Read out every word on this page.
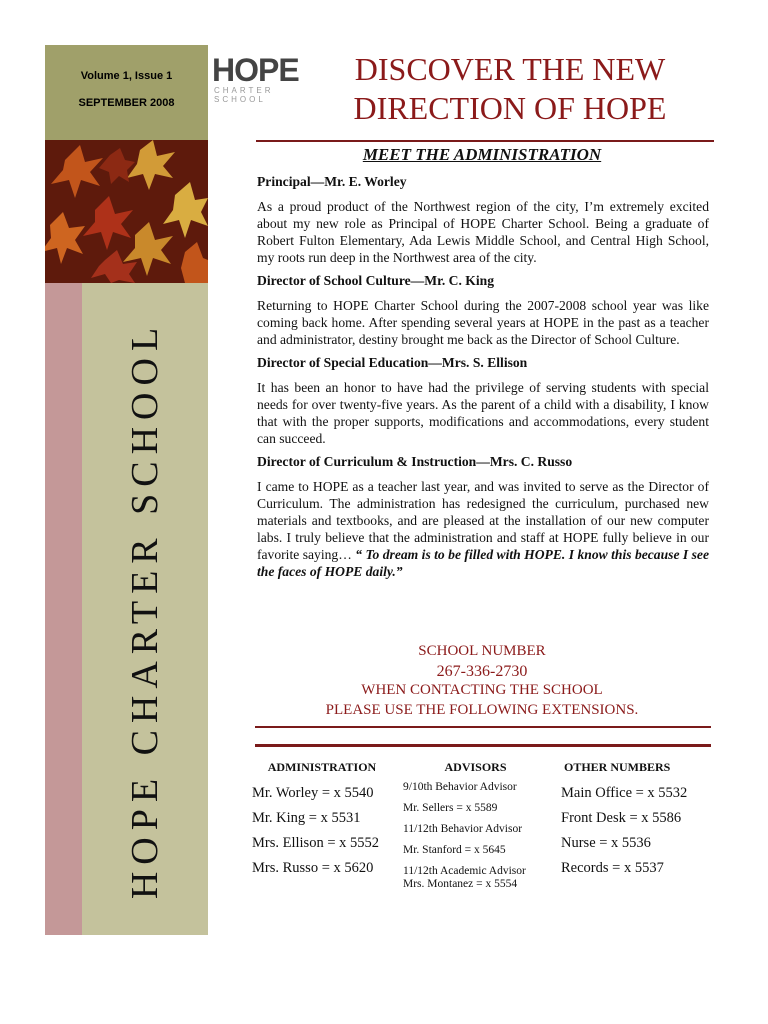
Volume 1, Issue 1
SEPTEMBER 2008
HOPE CHARTER SCHOOL
HOPE
CHARTER SCHOOL
DISCOVER THE NEW
DIRECTION OF HOPE
MEET THE ADMINISTRATION
Principal—Mr. E. Worley

As a proud product of the Northwest region of the city, I’m extremely excited about my new role as Principal of HOPE Charter School. Being a graduate of Robert Fulton Elementary, Ada Lewis Middle School, and Central High School, my roots run deep in the Northwest area of the city.

Director of School Culture—Mr. C. King

Returning to HOPE Charter School during the 2007-2008 school year was like coming back home. After spending several years at HOPE in the past as a teacher and administrator, destiny brought me back as the Director of School Culture.

Director of Special Education—Mrs. S. Ellison

It has been an honor to have had the privilege of serving students with special needs for over twenty-five years. As the parent of a child with a disability, I know that with the proper supports, modifications and accommodations, every student can succeed.

Director of Curriculum & Instruction—Mrs. C. Russo

I came to HOPE as a teacher last year, and was invited to serve as the Director of Curriculum. The administration has redesigned the curriculum, purchased new materials and textbooks, and are pleased at the installation of our new computer labs. I truly believe that the administration and staff at HOPE fully believe in our favorite saying… “ To dream is to be filled with HOPE. I know this because I see the faces of HOPE daily.”

SCHOOL NUMBER
267-336-2730
WHEN CONTACTING THE SCHOOL
PLEASE USE THE FOLLOWING EXTENSIONS.
ADMINISTRATION
Mr. Worley = x 5540
Mr. King = x 5531
Mrs. Ellison = x 5552
Mrs. Russo = x 5620
ADVISORS
9/10th Behavior Advisor
Mr. Sellers = x 5589
11/12th Behavior Advisor
Mr. Stanford = x 5645
11/12th Academic Advisor
Mrs. Montanez = x 5554
OTHER NUMBERS
Main Office = x 5532
Front Desk = x 5586
Nurse = x 5536
Records = x 5537
